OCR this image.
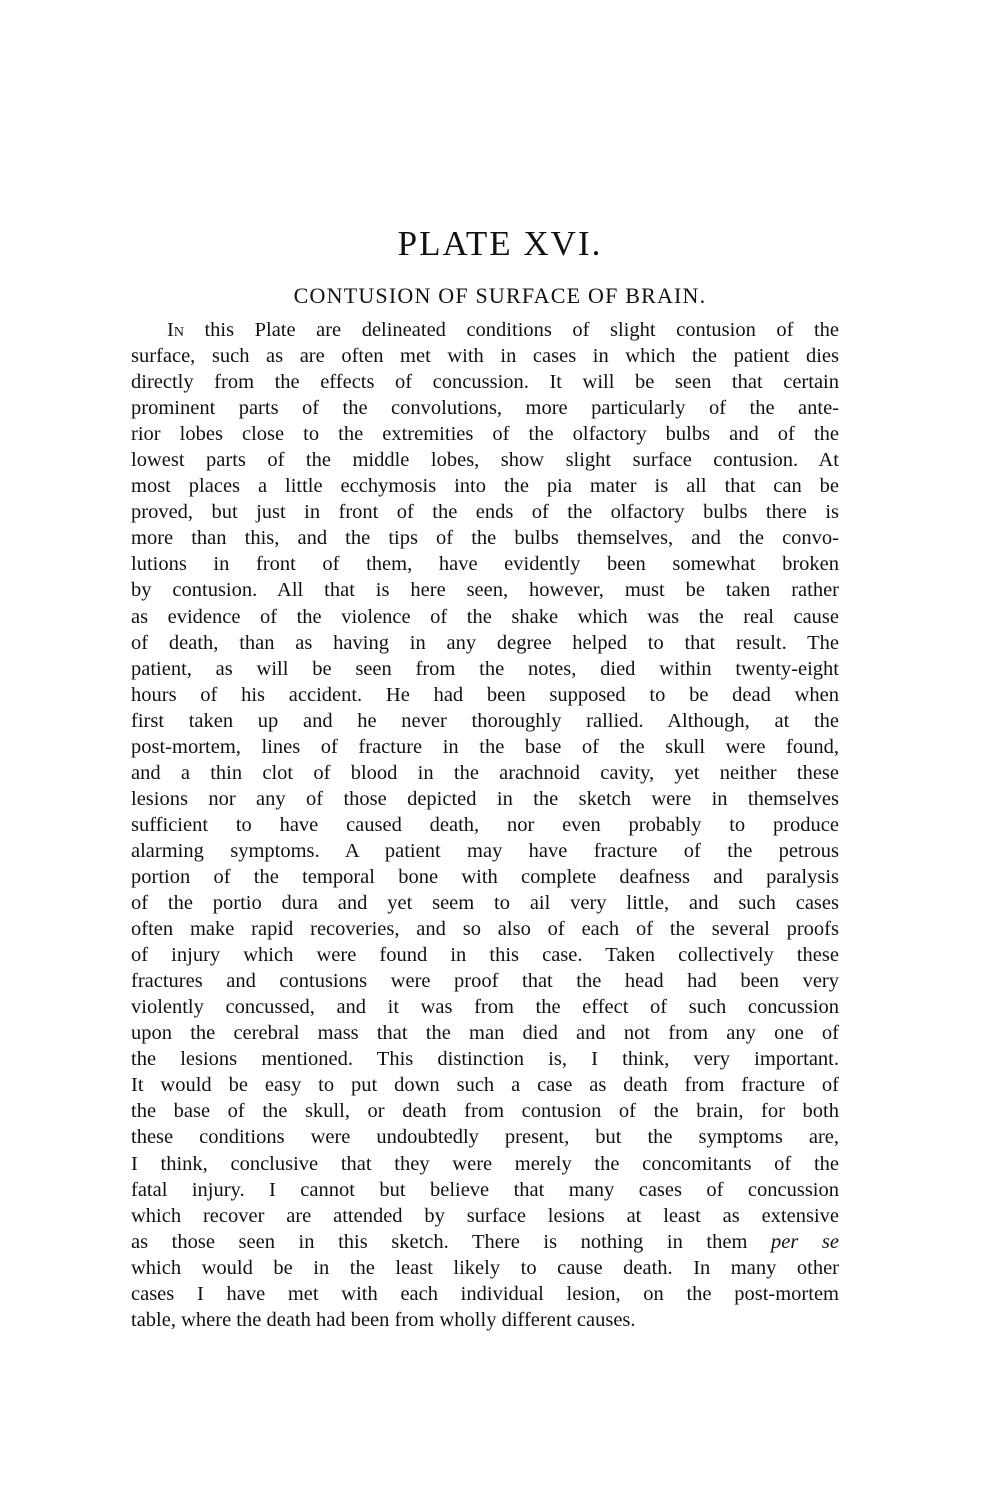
PLATE XVI.
CONTUSION OF SURFACE OF BRAIN.
In this Plate are delineated conditions of slight contusion of the
surface, such as are often met with in cases in which the patient dies
directly from the effects of concussion. It will be seen that certain
prominent parts of the convolutions, more particularly of the ante-
rior lobes close to the extremities of the olfactory bulbs and of the
lowest parts of the middle lobes, show slight surface contusion. At
most places a little ecchymosis into the pia mater is all that can be
proved, but just in front of the ends of the olfactory bulbs there is
more than this, and the tips of the bulbs themselves, and the convo-
lutions in front of them, have evidently been somewhat broken
by contusion. All that is here seen, however, must be taken rather
as evidence of the violence of the shake which was the real cause
of death, than as having in any degree helped to that result. The
patient, as will be seen from the notes, died within twenty-eight
hours of his accident. He had been supposed to be dead when
first taken up and he never thoroughly rallied. Although, at the
post-mortem, lines of fracture in the base of the skull were found,
and a thin clot of blood in the arachnoid cavity, yet neither these
lesions nor any of those depicted in the sketch were in themselves
sufficient to have caused death, nor even probably to produce
alarming symptoms. A patient may have fracture of the petrous
portion of the temporal bone with complete deafness and paralysis
of the portio dura and yet seem to ail very little, and such cases
often make rapid recoveries, and so also of each of the several proofs
of injury which were found in this case. Taken collectively these
fractures and contusions were proof that the head had been very
violently concussed, and it was from the effect of such concussion
upon the cerebral mass that the man died and not from any one of
the lesions mentioned. This distinction is, I think, very important.
It would be easy to put down such a case as death from fracture of
the base of the skull, or death from contusion of the brain, for both
these conditions were undoubtedly present, but the symptoms are,
I think, conclusive that they were merely the concomitants of the
fatal injury. I cannot but believe that many cases of concussion
which recover are attended by surface lesions at least as extensive
as those seen in this sketch. There is nothing in them per se
which would be in the least likely to cause death. In many other
cases I have met with each individual lesion, on the post-mortem
table, where the death had been from wholly different causes.
